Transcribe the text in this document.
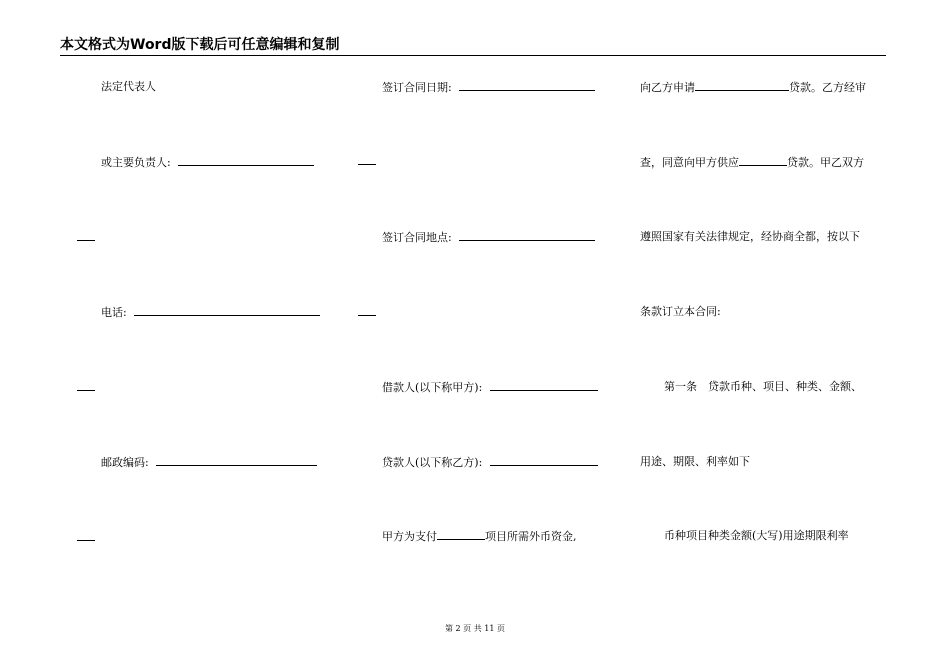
本文格式为Word版下载后可任意编辑和复制
法定代表人
或主要负责人:
电话:
邮政编码:
签订合同日期:
签订合同地点:
借款人(以下称甲方):
贷款人(以下称乙方):
甲方为支付	项目所需外币资金,
向乙方申请	贷款。乙方经审
查，同意向甲方供应	贷款。甲乙双方
遵照国家有关法律规定，经协商全都，按以下
条款订立本合同:
第一条　贷款币种、项目、种类、金额、
用途、期限、利率如下
币种项目种类金额(大写)用途期限利率
第 2 页 共 11 页
